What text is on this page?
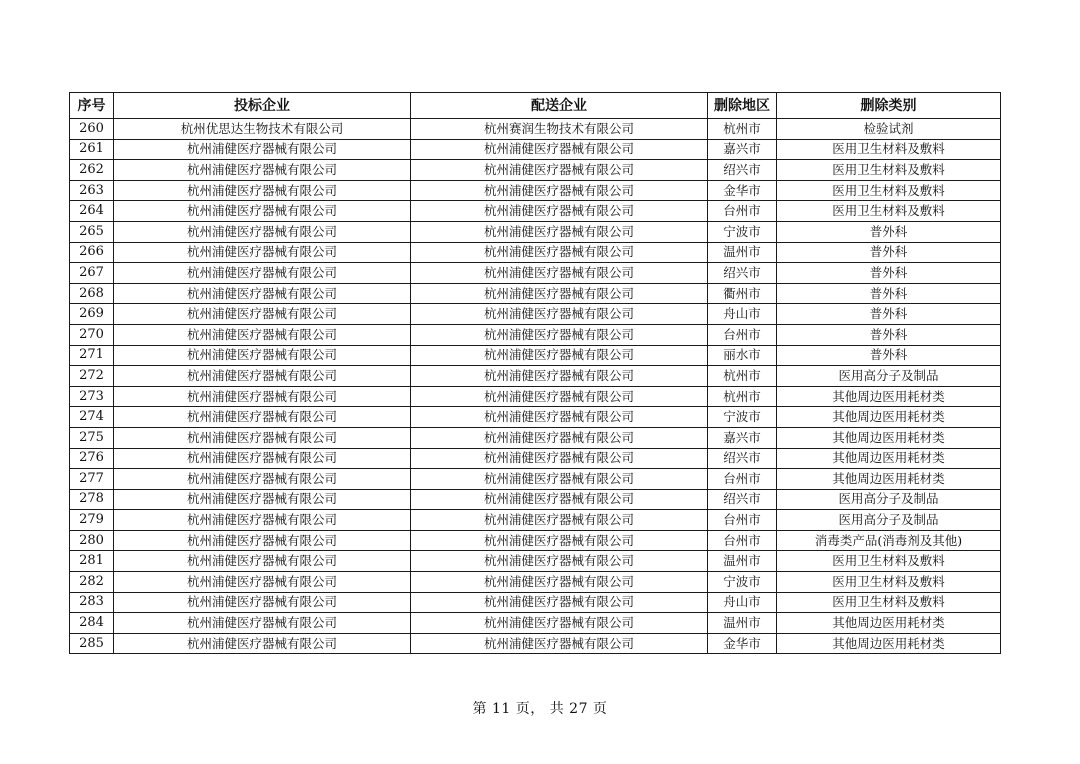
序号	投标企业	配送企业	删除地区	删除类别
260	杭州优思达生物技术有限公司	杭州赛润生物技术有限公司	杭州市	检验试剂
261	杭州浦健医疗器械有限公司	杭州浦健医疗器械有限公司	嘉兴市	医用卫生材料及敷料
262	杭州浦健医疗器械有限公司	杭州浦健医疗器械有限公司	绍兴市	医用卫生材料及敷料
263	杭州浦健医疗器械有限公司	杭州浦健医疗器械有限公司	金华市	医用卫生材料及敷料
264	杭州浦健医疗器械有限公司	杭州浦健医疗器械有限公司	台州市	医用卫生材料及敷料
265	杭州浦健医疗器械有限公司	杭州浦健医疗器械有限公司	宁波市	普外科
266	杭州浦健医疗器械有限公司	杭州浦健医疗器械有限公司	温州市	普外科
267	杭州浦健医疗器械有限公司	杭州浦健医疗器械有限公司	绍兴市	普外科
268	杭州浦健医疗器械有限公司	杭州浦健医疗器械有限公司	衢州市	普外科
269	杭州浦健医疗器械有限公司	杭州浦健医疗器械有限公司	舟山市	普外科
270	杭州浦健医疗器械有限公司	杭州浦健医疗器械有限公司	台州市	普外科
271	杭州浦健医疗器械有限公司	杭州浦健医疗器械有限公司	丽水市	普外科
272	杭州浦健医疗器械有限公司	杭州浦健医疗器械有限公司	杭州市	医用高分子及制品
273	杭州浦健医疗器械有限公司	杭州浦健医疗器械有限公司	杭州市	其他周边医用耗材类
274	杭州浦健医疗器械有限公司	杭州浦健医疗器械有限公司	宁波市	其他周边医用耗材类
275	杭州浦健医疗器械有限公司	杭州浦健医疗器械有限公司	嘉兴市	其他周边医用耗材类
276	杭州浦健医疗器械有限公司	杭州浦健医疗器械有限公司	绍兴市	其他周边医用耗材类
277	杭州浦健医疗器械有限公司	杭州浦健医疗器械有限公司	台州市	其他周边医用耗材类
278	杭州浦健医疗器械有限公司	杭州浦健医疗器械有限公司	绍兴市	医用高分子及制品
279	杭州浦健医疗器械有限公司	杭州浦健医疗器械有限公司	台州市	医用高分子及制品
280	杭州浦健医疗器械有限公司	杭州浦健医疗器械有限公司	台州市	消毒类产品(消毒剂及其他)
281	杭州浦健医疗器械有限公司	杭州浦健医疗器械有限公司	温州市	医用卫生材料及敷料
282	杭州浦健医疗器械有限公司	杭州浦健医疗器械有限公司	宁波市	医用卫生材料及敷料
283	杭州浦健医疗器械有限公司	杭州浦健医疗器械有限公司	舟山市	医用卫生材料及敷料
284	杭州浦健医疗器械有限公司	杭州浦健医疗器械有限公司	温州市	其他周边医用耗材类
285	杭州浦健医疗器械有限公司	杭州浦健医疗器械有限公司	金华市	其他周边医用耗材类
第 11 页， 共 27 页
